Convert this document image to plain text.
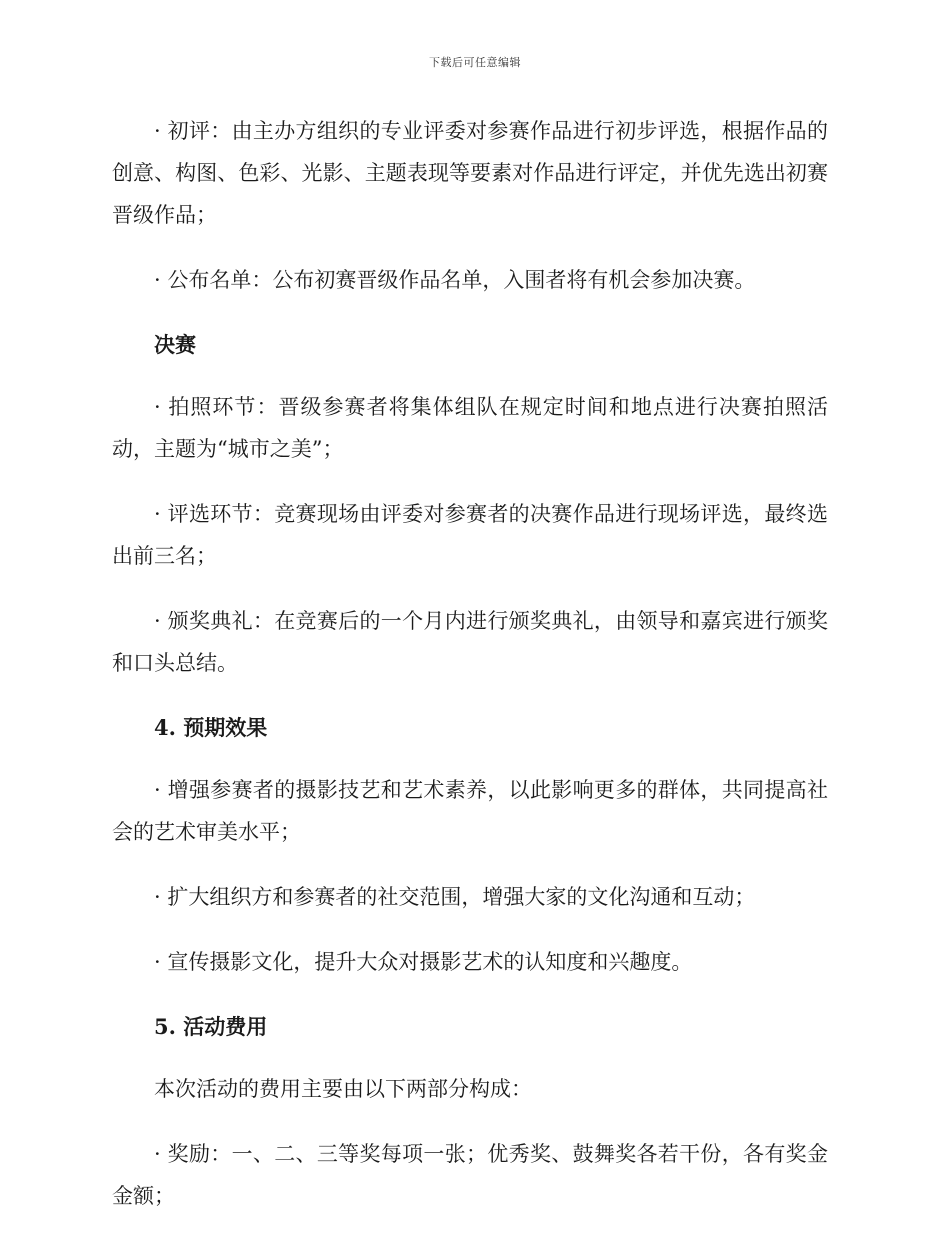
下载后可任意编辑

· 初评：由主办方组织的专业评委对参赛作品进行初步评选，根据作品的创意、构图、色彩、光影、主题表现等要素对作品进行评定，并优先选出初赛晋级作品；

· 公布名单：公布初赛晋级作品名单，入围者将有机会参加决赛。

决赛

· 拍照环节：晋级参赛者将集体组队在规定时间和地点进行决赛拍照活动，主题为“城市之美”；

· 评选环节：竞赛现场由评委对参赛者的决赛作品进行现场评选，最终选出前三名；

· 颁奖典礼：在竞赛后的一个月内进行颁奖典礼，由领导和嘉宾进行颁奖和口头总结。

4. 预期效果

· 增强参赛者的摄影技艺和艺术素养，以此影响更多的群体，共同提高社会的艺术审美水平；

· 扩大组织方和参赛者的社交范围，增强大家的文化沟通和互动；

· 宣传摄影文化，提升大众对摄影艺术的认知度和兴趣度。

5. 活动费用

本次活动的费用主要由以下两部分构成：

· 奖励：一、二、三等奖每项一张；优秀奖、鼓舞奖各若干份，各有奖金金额；
